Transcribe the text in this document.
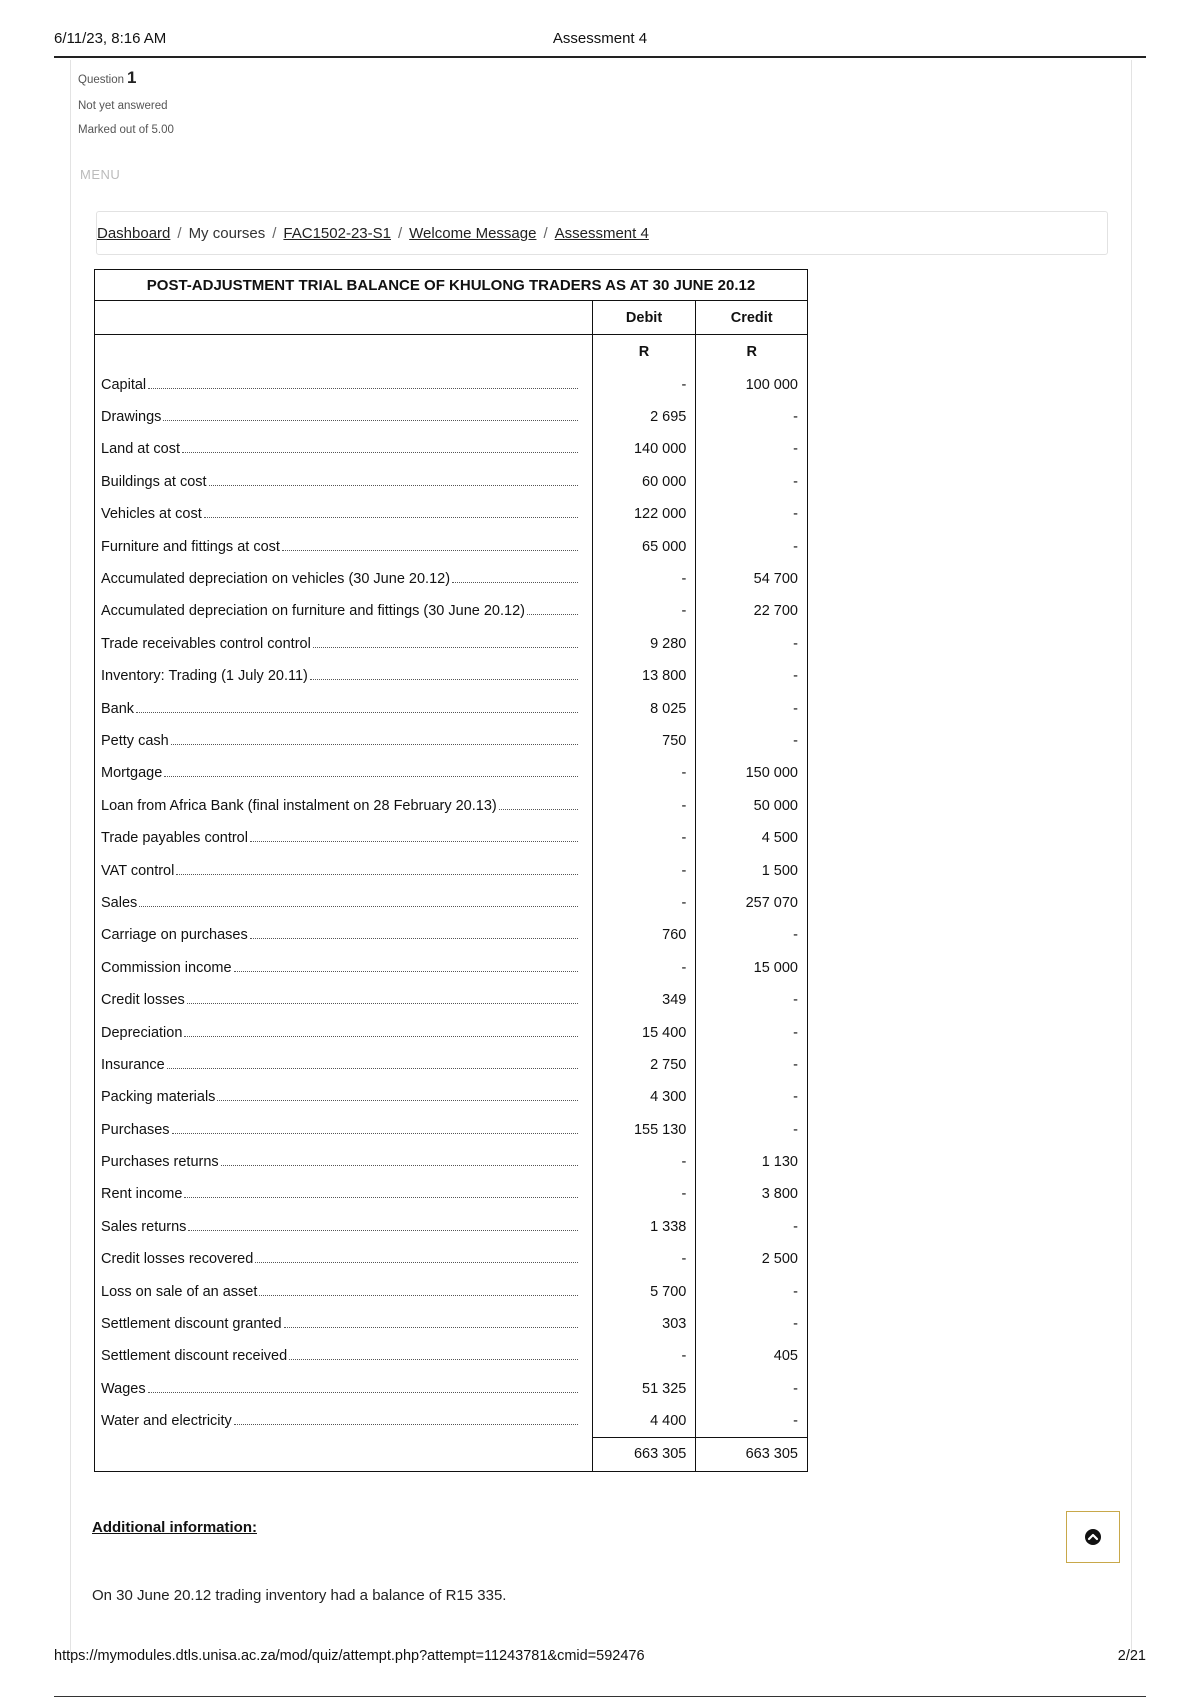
6/11/23, 8:16 AM	Assessment 4
Question 1
Not yet answered
Marked out of 5.00
MENU
Dashboard / My courses / FAC1502-23-S1 / Welcome Message / Assessment 4
POST-ADJUSTMENT TRIAL BALANCE OF KHULONG TRADERS AS AT 30 JUNE 20.12		
	Debit	Credit
	R	R

Capital	-	100 000

Drawings	2 695	-

Land at cost	140 000	-

Buildings at cost	60 000	-

Vehicles at cost	122 000	-

Furniture and fittings at cost	65 000	-

Accumulated depreciation on vehicles (30 June 20.12)	-	54 700

Accumulated depreciation on furniture and fittings (30 June 20.12)	-	22 700

Trade receivables control control	9 280	-

Inventory: Trading (1 July 20.11)	13 800	-

Bank	8 025	-

Petty cash	750	-

Mortgage	-	150 000

Loan from Africa Bank (final instalment on 28 February 20.13)	-	50 000

Trade payables control	-	4 500

VAT control	-	1 500

Sales	-	257 070

Carriage on purchases	760	-

Commission income	-	15 000

Credit losses	349	-

Depreciation	15 400	-

Insurance	2 750	-

Packing materials	4 300	-

Purchases	155 130	-

Purchases returns	-	1 130

Rent income	-	3 800

Sales returns	1 338	-

Credit losses recovered	-	2 500

Loss on sale of an asset	5 700	-

Settlement discount granted	303	-

Settlement discount received	-	405

Wages	51 325	-

Water and electricity	4 400	-
	663 305	663 305
Additional information:
On 30 June 20.12 trading inventory had a balance of R15 335.
https://mymodules.dtls.unisa.ac.za/mod/quiz/attempt.php?attempt=11243781&cmid=592476	2/21
